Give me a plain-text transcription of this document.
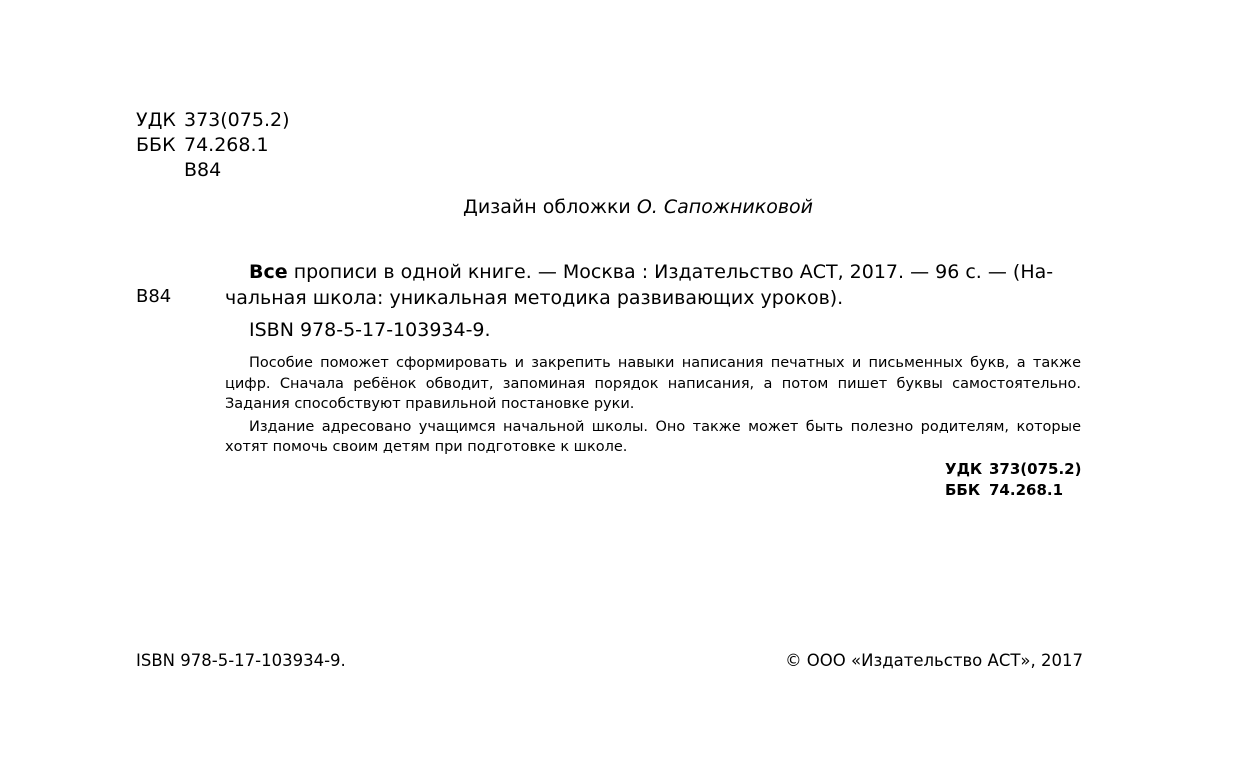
УДК 373(075.2)
ББК 74.268.1
В84
Дизайн обложки О. Сапожниковой
В84

Все прописи в одной книге. — Москва : Издательство АСТ, 2017. — 96 с. — (На-

чальная школа: уникальная методика развивающих уроков).

ISBN 978-5-17-103934-9.

Пособие поможет сформировать и закрепить навыки написания печатных и письменных букв, а также цифр. Сначала ребёнок обводит, запоминая порядок написания, а потом пишет буквы самостоятельно. Задания способствуют правильной постановке руки.

Издание адресовано учащимся начальной школы. Оно также может быть полезно родителям, которые хотят помочь своим детям при подготовке к школе.

УДК 373(075.2)
ББК 74.268.1
ISBN 978-5-17-103934-9.	© ООО «Издательство АСТ», 2017
